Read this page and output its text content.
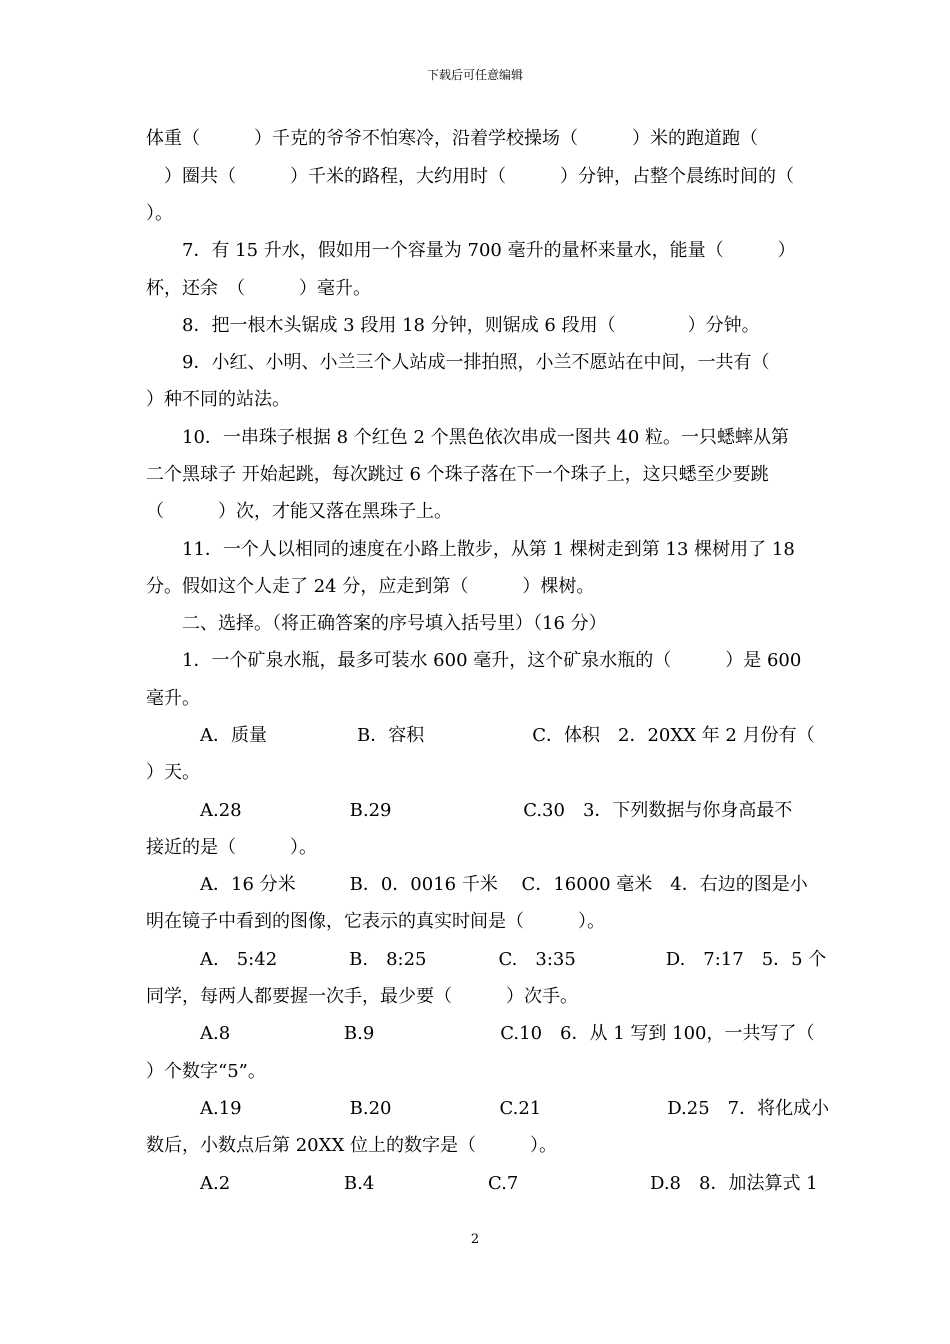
下载后可任意编辑
体重（　　　）千克的爷爷不怕寒冷，沿着学校操场（　　　）米的跑道跑（
　）圈共（　　　）千米的路程，大约用时（　　　）分钟，占整个晨练时间的（
）。
　　7．有 15 升水，假如用一个容量为 700 毫升的量杯来量水，能量（　　　）
杯，还余　（　　　）毫升。
　　8．把一根木头锯成 3 段用 18 分钟，则锯成 6 段用（　　　　）分钟。
　　9．小红、小明、小兰三个人站成一排拍照，小兰不愿站在中间，一共有（
）种不同的站法。
　　10．一串珠子根据 8 个红色 2 个黑色依次串成一图共 40 粒。一只蟋蟀从第
二个黑球子 开始起跳，每次跳过 6 个珠子落在下一个珠子上，这只蟋至少要跳
（　　　）次，才能又落在黑珠子上。
　　11．一个人以相同的速度在小路上散步，从第 1 棵树走到第 13 棵树用了 18
分。假如这个人走了 24 分，应走到第（　　　）棵树。
　　二、选择。（将正确答案的序号填入括号里）（16 分）
　　1．一个矿泉水瓶，最多可装水 600 毫升，这个矿泉水瓶的（　　　）是 600
毫升。
　　　A．质量　　　　　B．容积　　　　　　C．体积　2．20XX 年 2 月份有（
）天。
　　　A.28　　　　　　B.29　　　　　　　 C.30　3．下列数据与你身高最不
接近的是（　　　）。
　　　A．16 分米　　　B．0．0016 千米　 C．16000 毫米　4．右边的图是小
明在镜子中看到的图像，它表示的真实时间是（　　　）。
　　　A.　5:42　　　　B.　8:25　　　　C.　3:35　　　　　D.　7:17　5．5 个
同学，每两人都要握一次手，最少要（　　　）次手。
　　　A.8　　　　　　 B.9　　　　　　　C.10　6．从 1 写到 100，一共写了（
）个数字“5”。
　　　A.19　　　　　　B.20　　　　　　C.21　　　　　　　D.25　7．将化成小
数后，小数点后第 20XX 位上的数字是（　　　）。
　　　A.2　　　　　　 B.4　　　　　　 C.7　　　　　　　 D.8　8．加法算式 1
2
